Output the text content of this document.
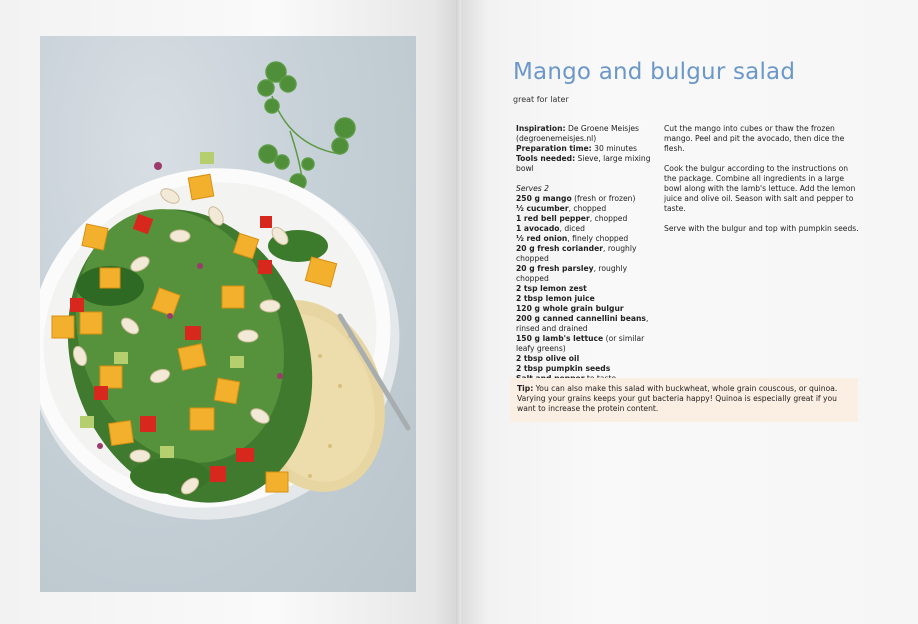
Mango and bulgur salad
great for later

Inspiration: De Groene Meisjes (degroenemeisjes.nl)

Preparation time: 30 minutes

Tools needed: Sieve, large mixing bowl

Serves 2

250 g mango (fresh or frozen)

½ cucumber, chopped

1 red bell pepper, chopped

1 avocado, diced

½ red onion, finely chopped

20 g fresh coriander, roughly chopped

20 g fresh parsley, roughly chopped

2 tsp lemon zest

2 tbsp lemon juice

120 g whole grain bulgur

200 g canned cannellini beans, rinsed and drained

150 g lamb's lettuce (or similar leafy greens)

2 tbsp olive oil

2 tbsp pumpkin seeds

Cut the mango into cubes or thaw the frozen mango. Peel and pit the avocado, then dice the flesh.

Cook the bulgur according to the instructions on the package. Combine all ingredients in a large bowl along with the lamb's lettuce. Add the lemon juice and olive oil. Season with salt and pepper to taste.

Serve with the bulgur and top with pumpkin seeds.

Tip: You can also make this salad with buckwheat, whole grain couscous, or quinoa. Varying your grains keeps your gut bacteria happy! Quinoa is especially great if you want to increase the protein content.
